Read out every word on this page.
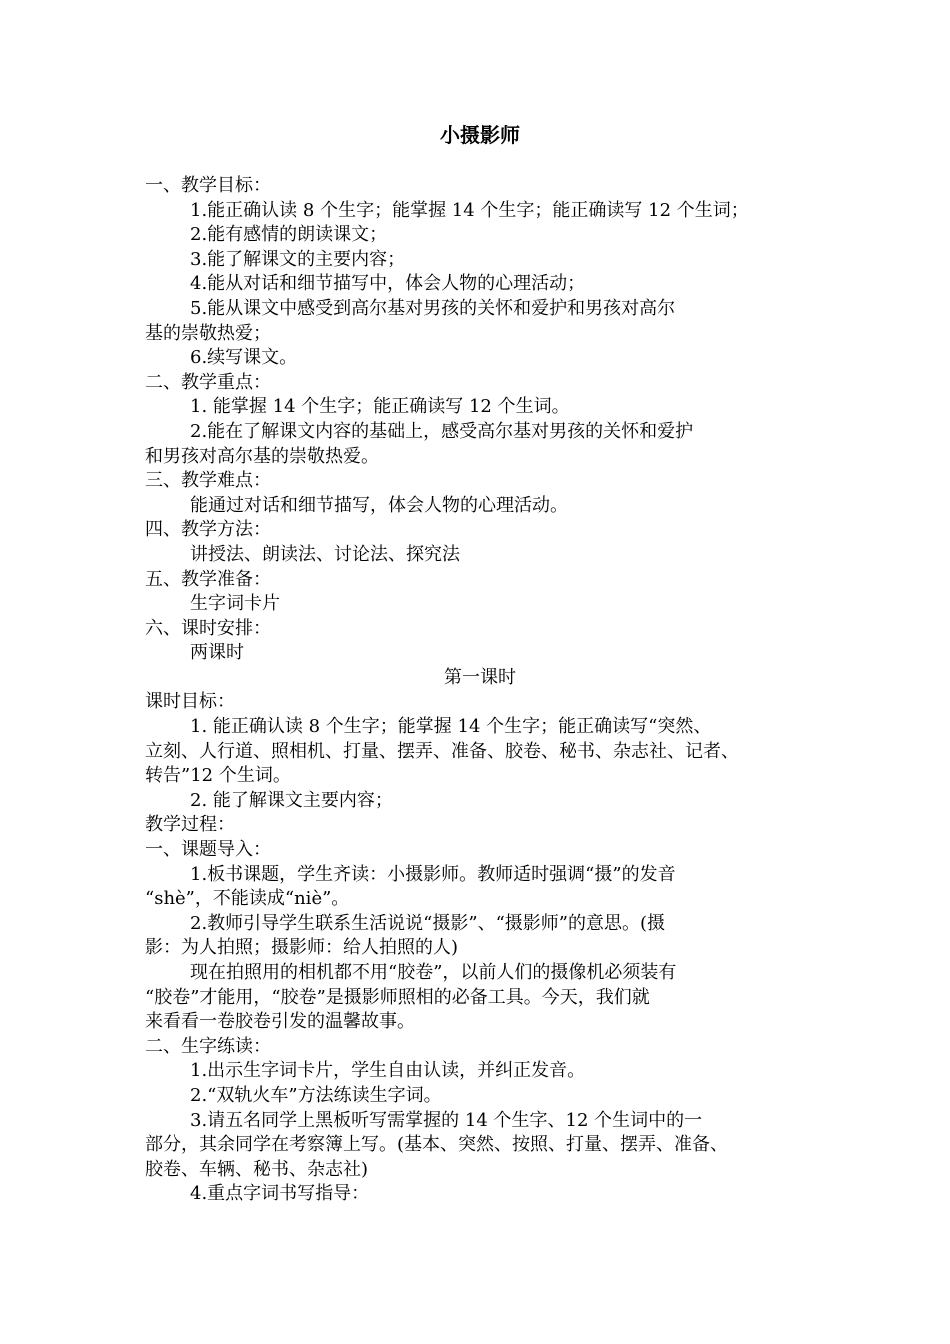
小摄影师

一、教学目标：

1.能正确认读 8 个生字；能掌握 14 个生字；能正确读写 12 个生词；

2.能有感情的朗读课文；

3.能了解课文的主要内容；

4.能从对话和细节描写中，体会人物的心理活动；

5.能从课文中感受到高尔基对男孩的关怀和爱护和男孩对高尔

基的崇敬热爱；

6.续写课文。

二、教学重点：

1. 能掌握 14 个生字；能正确读写 12 个生词。

2.能在了解课文内容的基础上，感受高尔基对男孩的关怀和爱护

和男孩对高尔基的崇敬热爱。

三、教学难点：

能通过对话和细节描写，体会人物的心理活动。

四、教学方法：

讲授法、朗读法、讨论法、探究法

五、教学准备：

生字词卡片

六、课时安排：

两课时

第一课时

课时目标：

1. 能正确认读 8 个生字；能掌握 14 个生字；能正确读写“突然、

立刻、人行道、照相机、打量、摆弄、准备、胶卷、秘书、杂志社、记者、

转告”12 个生词。

2. 能了解课文主要内容；

教学过程：

一、课题导入：

1.板书课题，学生齐读：小摄影师。教师适时强调“摄”的发音

“shè”，不能读成“niè”。

2.教师引导学生联系生活说说“摄影”、“摄影师”的意思。(摄

影：为人拍照；摄影师：给人拍照的人)

现在拍照用的相机都不用“胶卷”，以前人们的摄像机必须装有

“胶卷”才能用，“胶卷”是摄影师照相的必备工具。今天，我们就

来看看一卷胶卷引发的温馨故事。

二、生字练读：

1.出示生字词卡片，学生自由认读，并纠正发音。

2.“双轨火车”方法练读生字词。

3.请五名同学上黑板听写需掌握的 14 个生字、12 个生词中的一

部分，其余同学在考察簿上写。(基本、突然、按照、打量、摆弄、准备、

胶卷、车辆、秘书、杂志社)

4.重点字词书写指导：
